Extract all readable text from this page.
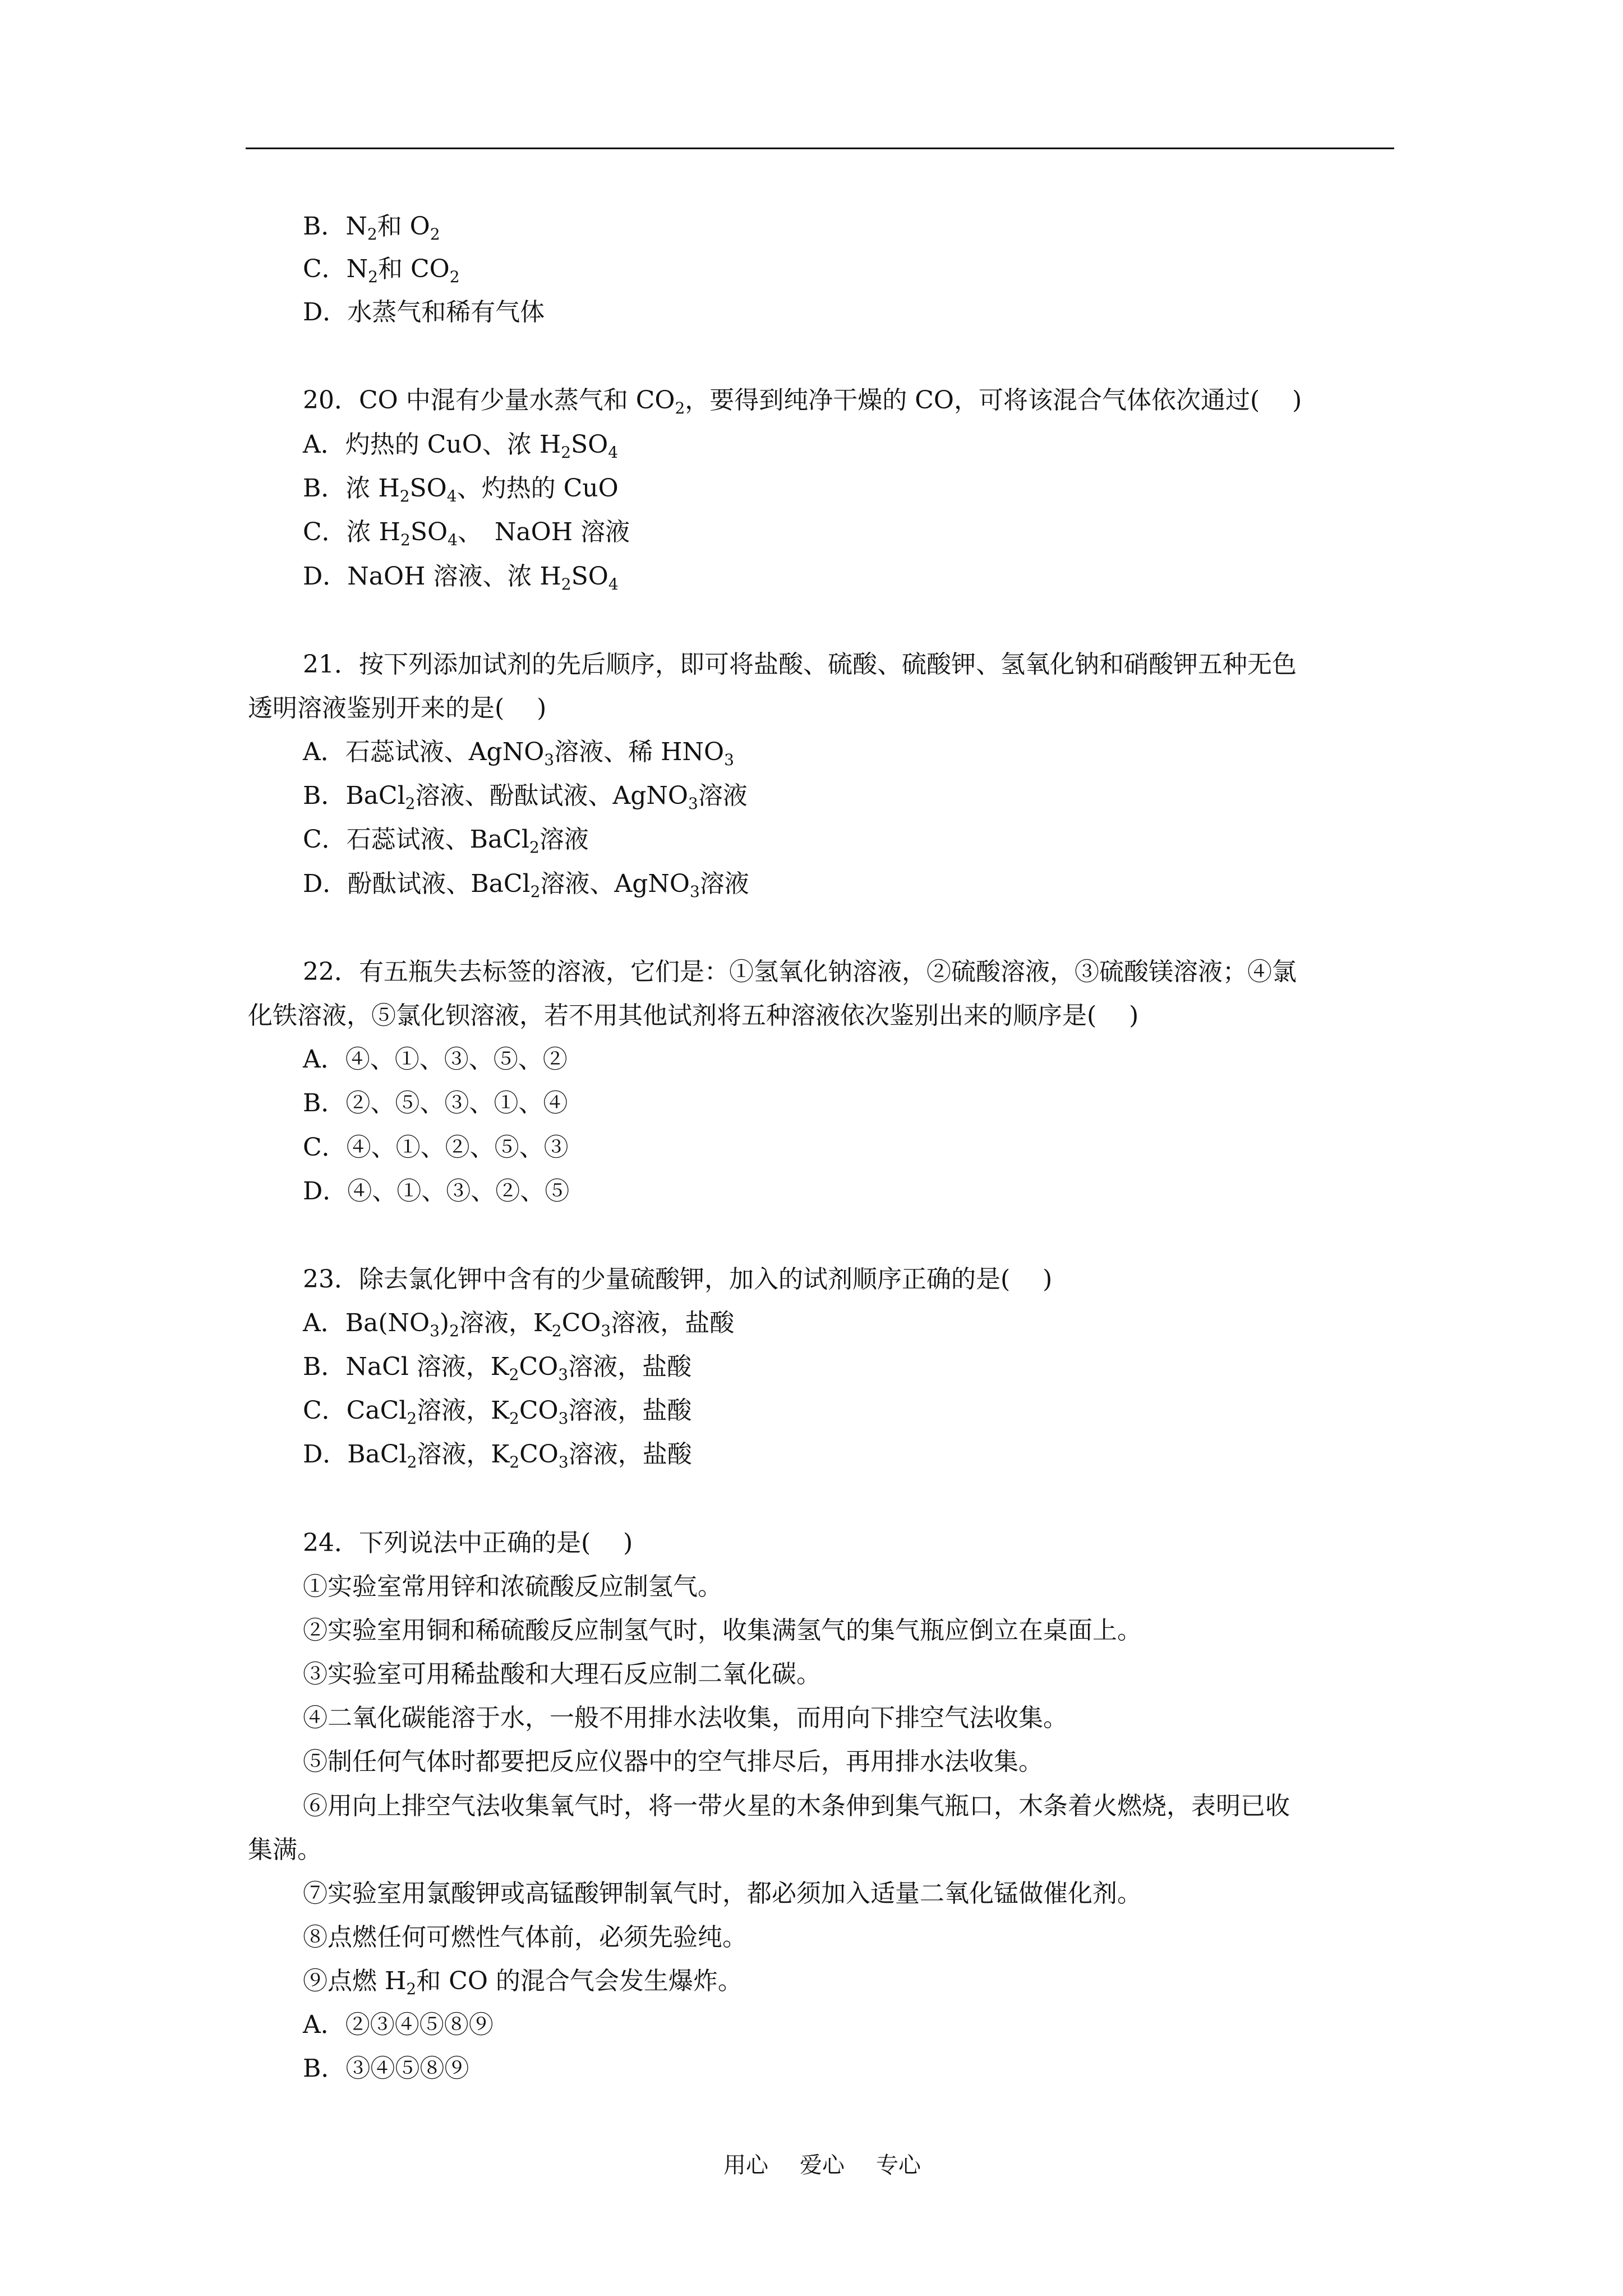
B．$N_2$和 $O_2$
C．$N_2$和 $CO_2$
D．水蒸气和稀有气体
20．CO 中混有少量水蒸气和 $CO_2$，要得到纯净干燥的 CO，可将该混合气体依次通过(　 )
A．灼热的 CuO、浓 $H_2SO_4$
B．浓 $H_2SO_4$、灼热的 CuO
C．浓 $H_2SO_4$、　NaOH 溶液
D．NaOH 溶液、浓 $H_2SO_4$
21．按下列添加试剂的先后顺序，即可将盐酸、硫酸、硫酸钾、氢氧化钠和硝酸钾五种无色
透明溶液鉴别开来的是(　 )
A．石蕊试液、AgNO$_3$溶液、稀 $HNO_3$
B．BaCl$_2$溶液、酚酞试液、AgNO$_3$溶液
C．石蕊试液、BaCl$_2$溶液
D．酚酞试液、BaCl$_2$溶液、AgNO$_3$溶液
22．有五瓶失去标签的溶液，它们是：①氢氧化钠溶液，②硫酸溶液，③硫酸镁溶液；④氯
化铁溶液，⑤氯化钡溶液，若不用其他试剂将五种溶液依次鉴别出来的顺序是(　 )
A．④、①、③、⑤、②
B．②、⑤、③、①、④
C．④、①、②、⑤、③
D．④、①、③、②、⑤
23．除去氯化钾中含有的少量硫酸钾，加入的试剂顺序正确的是(　 )
A．$Ba(NO_3)_2$溶液，$K_2CO_3$溶液，盐酸
B．NaCl 溶液，$K_2CO_3$溶液，盐酸
C．CaCl$_2$溶液，$K_2CO_3$溶液，盐酸
D．BaCl$_2$溶液，$K_2CO_3$溶液，盐酸
24．下列说法中正确的是(　 )
①实验室常用锌和浓硫酸反应制氢气。
②实验室用铜和稀硫酸反应制氢气时，收集满氢气的集气瓶应倒立在桌面上。
③实验室可用稀盐酸和大理石反应制二氧化碳。
④二氧化碳能溶于水，一般不用排水法收集，而用向下排空气法收集。
⑤制任何气体时都要把反应仪器中的空气排尽后，再用排水法收集。
⑥用向上排空气法收集氧气时，将一带火星的木条伸到集气瓶口，木条着火燃烧，表明已收
集满。
⑦实验室用氯酸钾或高锰酸钾制氧气时，都必须加入适量二氧化锰做催化剂。
⑧点燃任何可燃性气体前，必须先验纯。
⑨点燃 $H_2$和 CO 的混合气会发生爆炸。
A．②③④⑤⑧⑨
B．③④⑤⑧⑨
用心 爱心 专心
